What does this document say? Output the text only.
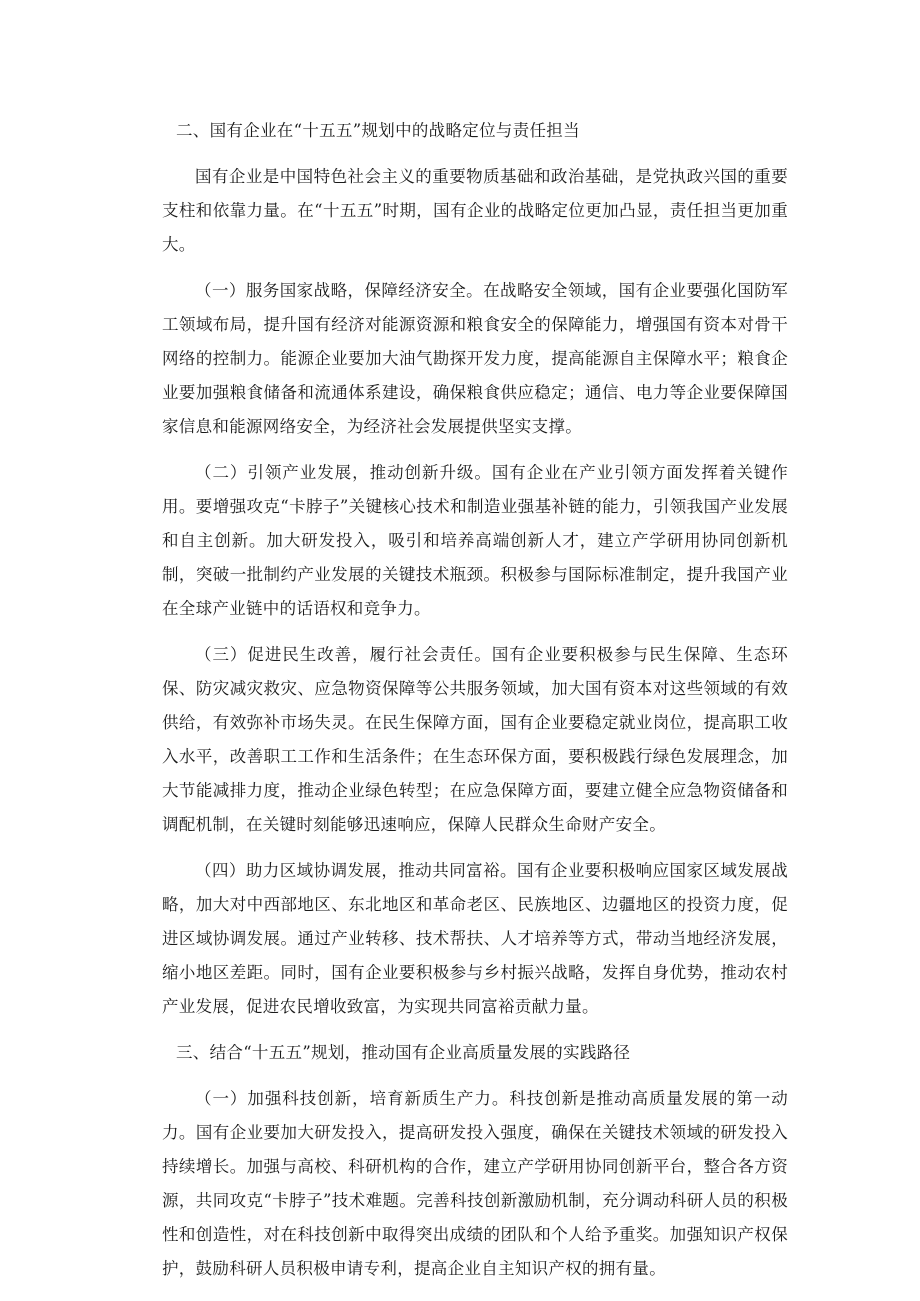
二、国有企业在“十五五”规划中的战略定位与责任担当

国有企业是中国特色社会主义的重要物质基础和政治基础，是党执政兴国的重要支柱和依靠力量。在“十五五”时期，国有企业的战略定位更加凸显，责任担当更加重大。

（一）服务国家战略，保障经济安全。在战略安全领域，国有企业要强化国防军工领域布局，提升国有经济对能源资源和粮食安全的保障能力，增强国有资本对骨干网络的控制力。能源企业要加大油气勘探开发力度，提高能源自主保障水平；粮食企业要加强粮食储备和流通体系建设，确保粮食供应稳定；通信、电力等企业要保障国家信息和能源网络安全，为经济社会发展提供坚实支撑。

（二）引领产业发展，推动创新升级。国有企业在产业引领方面发挥着关键作用。要增强攻克“卡脖子”关键核心技术和制造业强基补链的能力，引领我国产业发展和自主创新。加大研发投入，吸引和培养高端创新人才，建立产学研用协同创新机制，突破一批制约产业发展的关键技术瓶颈。积极参与国际标准制定，提升我国产业在全球产业链中的话语权和竞争力。

（三）促进民生改善，履行社会责任。国有企业要积极参与民生保障、生态环保、防灾减灾救灾、应急物资保障等公共服务领域，加大国有资本对这些领域的有效供给，有效弥补市场失灵。在民生保障方面，国有企业要稳定就业岗位，提高职工收入水平，改善职工工作和生活条件；在生态环保方面，要积极践行绿色发展理念，加大节能减排力度，推动企业绿色转型；在应急保障方面，要建立健全应急物资储备和调配机制，在关键时刻能够迅速响应，保障人民群众生命财产安全。

（四）助力区域协调发展，推动共同富裕。国有企业要积极响应国家区域发展战略，加大对中西部地区、东北地区和革命老区、民族地区、边疆地区的投资力度，促进区域协调发展。通过产业转移、技术帮扶、人才培养等方式，带动当地经济发展，缩小地区差距。同时，国有企业要积极参与乡村振兴战略，发挥自身优势，推动农村产业发展，促进农民增收致富，为实现共同富裕贡献力量。

三、结合“十五五”规划，推动国有企业高质量发展的实践路径

（一）加强科技创新，培育新质生产力。科技创新是推动高质量发展的第一动力。国有企业要加大研发投入，提高研发投入强度，确保在关键技术领域的研发投入持续增长。加强与高校、科研机构的合作，建立产学研用协同创新平台，整合各方资源，共同攻克“卡脖子”技术难题。完善科技创新激励机制，充分调动科研人员的积极性和创造性，对在科技创新中取得突出成绩的团队和个人给予重奖。加强知识产权保护，鼓励科研人员积极申请专利，提高企业自主知识产权的拥有量。
